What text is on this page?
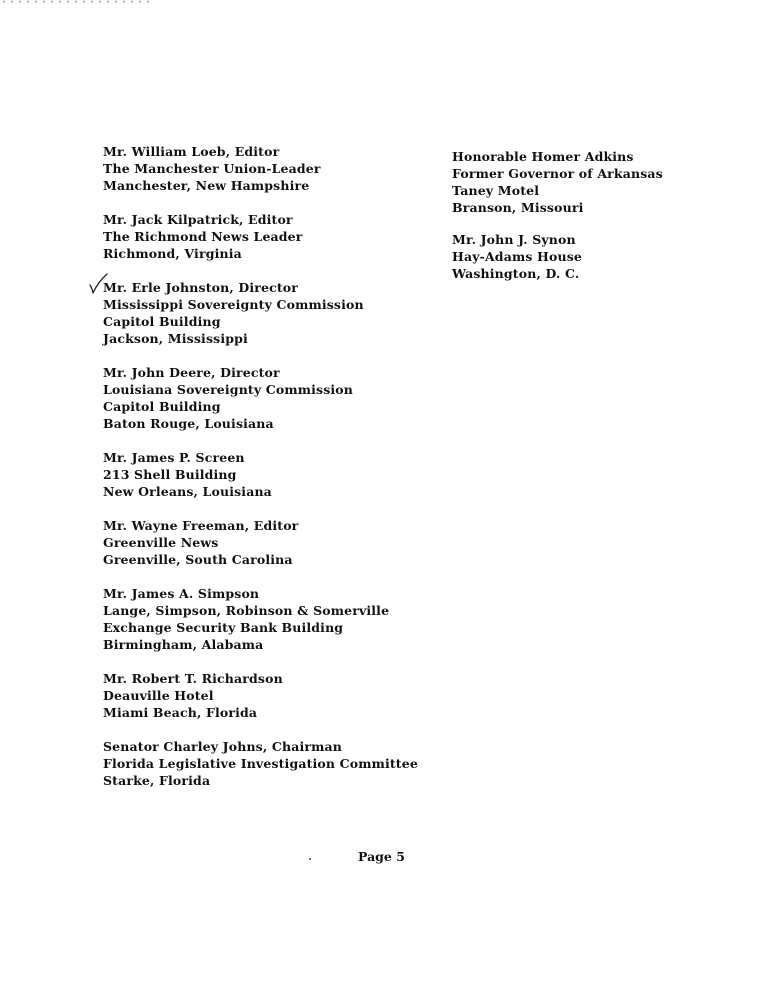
Mr. William Loeb, Editor
The Manchester Union-Leader
Manchester, New Hampshire
Mr. Jack Kilpatrick, Editor
The Richmond News Leader
Richmond, Virginia
Mr. Erle Johnston, Director
Mississippi Sovereignty Commission
Capitol Building
Jackson, Mississippi
Mr. John Deere, Director
Louisiana Sovereignty Commission
Capitol Building
Baton Rouge, Louisiana
Mr. James P. Screen
213 Shell Building
New Orleans, Louisiana
Mr. Wayne Freeman, Editor
Greenville News
Greenville, South Carolina
Mr. James A. Simpson
Lange, Simpson, Robinson & Somerville
Exchange Security Bank Building
Birmingham, Alabama
Mr. Robert T. Richardson
Deauville Hotel
Miami Beach, Florida
Senator Charley Johns, Chairman
Florida Legislative Investigation Committee
Starke, Florida
Honorable Homer Adkins
Former Governor of Arkansas
Taney Motel
Branson, Missouri
Mr. John J. Synon
Hay-Adams House
Washington, D. C.
Page 5
